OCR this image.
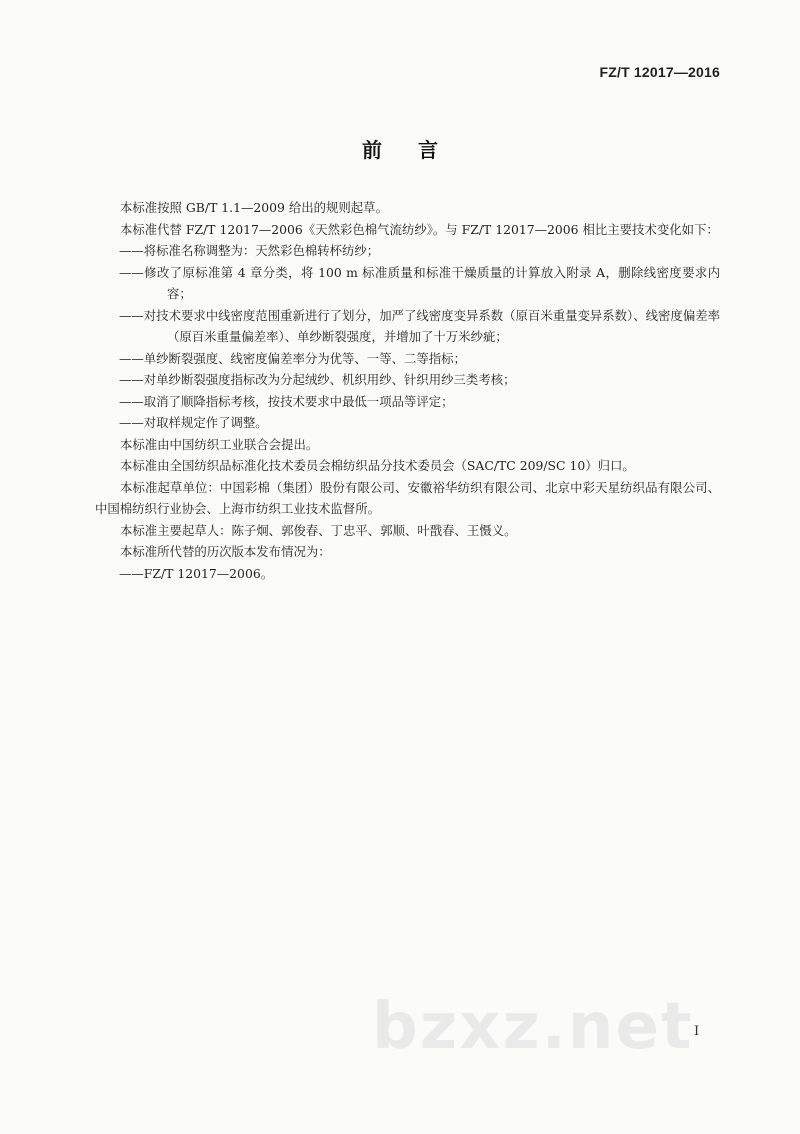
FZ/T 12017—2016
前言

本标准按照 GB/T 1.1—2009 给出的规则起草。

本标准代替 FZ/T 12017—2006《天然彩色棉气流纺纱》。与 FZ/T 12017—2006 相比主要技术变化如下：

——将标准名称调整为：天然彩色棉转杯纺纱；

——修改了原标准第 4 章分类，将 100 m 标准质量和标准干燥质量的计算放入附录 A，删除线密度要求内容；

——对技术要求中线密度范围重新进行了划分，加严了线密度变异系数（原百米重量变异系数）、线密度偏差率（原百米重量偏差率）、单纱断裂强度，并增加了十万米纱疵；

——单纱断裂强度、线密度偏差率分为优等、一等、二等指标；

——对单纱断裂强度指标改为分起绒纱、机织用纱、针织用纱三类考核；

——取消了顺降指标考核，按技术要求中最低一项品等评定；

——对取样规定作了调整。

本标准由中国纺织工业联合会提出。

本标准由全国纺织品标准化技术委员会棉纺织品分技术委员会（SAC/TC 209/SC 10）归口。

本标准起草单位：中国彩棉（集团）股份有限公司、安徽裕华纺织有限公司、北京中彩天星纺织品有限公司、中国棉纺织行业协会、上海市纺织工业技术监督所。

本标准主要起草人：陈子炯、郭俊春、丁忠平、郭顺、叶戬春、王慑义。

本标准所代替的历次版本发布情况为：

——FZ/T 12017—2006。

bzxz.net I
